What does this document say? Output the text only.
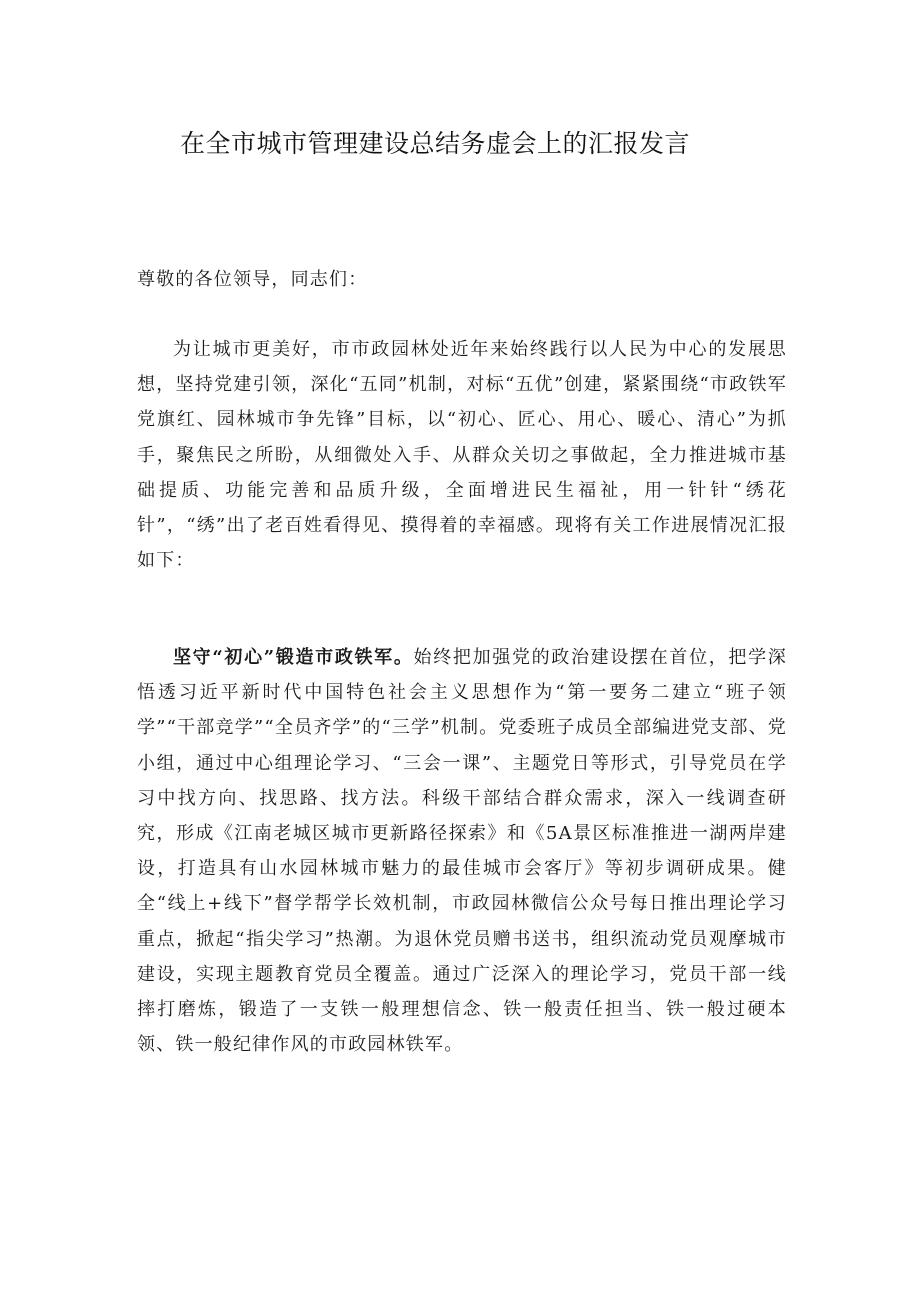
在全市城市管理建设总结务虚会上的汇报发言

尊敬的各位领导，同志们：

为让城市更美好，市市政园林处近年来始终践行以人民为中心的发展思想，坚持党建引领，深化“五同”机制，对标“五优”创建，紧紧围绕“市政铁军党旗红、园林城市争先锋”目标，以“初心、匠心、用心、暖心、清心”为抓手，聚焦民之所盼，从细微处入手、从群众关切之事做起，全力推进城市基础提质、功能完善和品质升级，全面增进民生福祉，用一针针“绣花针”，“绣”出了老百姓看得见、摸得着的幸福感。现将有关工作进展情况汇报如下：

坚守“初心”锻造市政铁军。始终把加强党的政治建设摆在首位，把学深悟透习近平新时代中国特色社会主义思想作为“第一要务二建立“班子领学”“干部竞学”“全员齐学”的“三学”机制。党委班子成员全部编进党支部、党小组，通过中心组理论学习、“三会一课”、主题党日等形式，引导党员在学习中找方向、找思路、找方法。科级干部结合群众需求，深入一线调查研究，形成《江南老城区城市更新路径探索》和《5A景区标准推进一湖两岸建设，打造具有山水园林城市魅力的最佳城市会客厅》等初步调研成果。健全“线上+线下”督学帮学长效机制，市政园林微信公众号每日推出理论学习重点，掀起“指尖学习”热潮。为退休党员赠书送书，组织流动党员观摩城市建设，实现主题教育党员全覆盖。通过广泛深入的理论学习，党员干部一线摔打磨炼，锻造了一支铁一般理想信念、铁一般责任担当、铁一般过硬本领、铁一般纪律作风的市政园林铁军。
